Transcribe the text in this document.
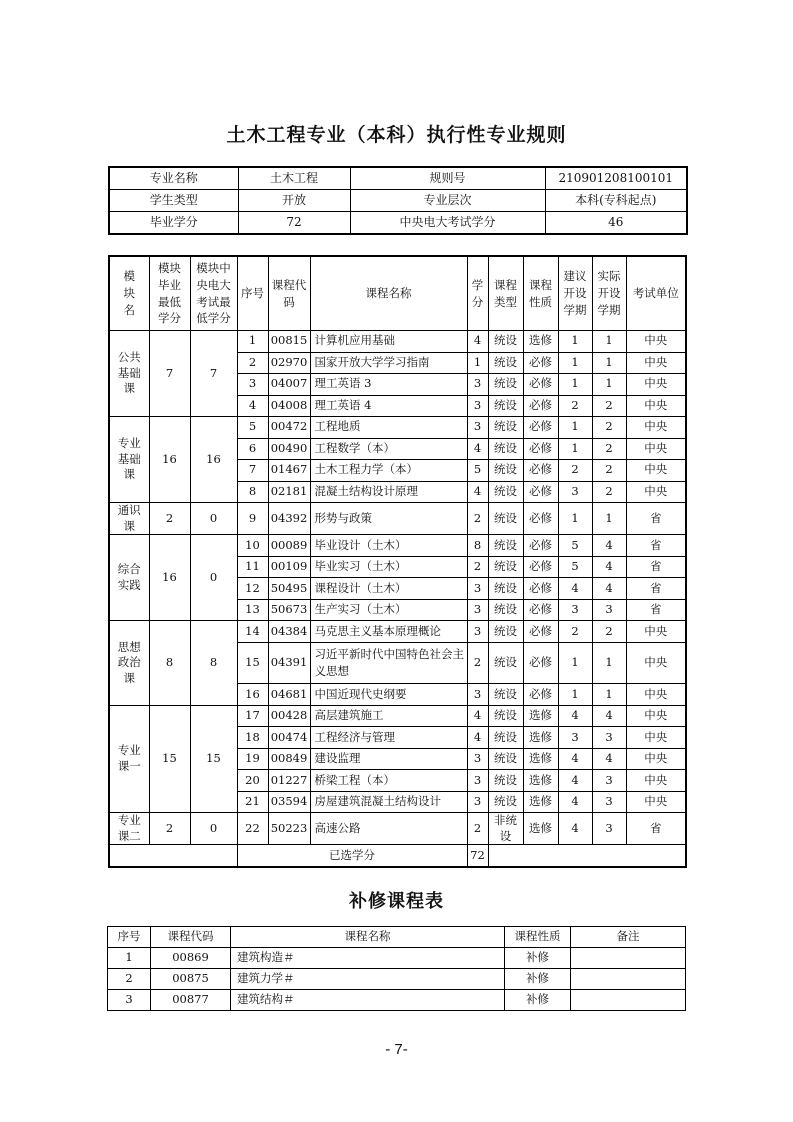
土木工程专业（本科）执行性专业规则
专业名称	土木工程	规则号	210901208100101
学生类型	开放	专业层次	本科(专科起点)
毕业学分	72	中央电大考试学分	46
模块名	模块毕业最低学分	模块中央电大考试最低学分	序号	课程代码	课程名称	学分	课程类型	课程性质	建议开设学期	实际开设学期	考试单位
公共基础课	7	7	1	00815	计算机应用基础	4	统设	选修	1	1	中央
			2	02970	国家开放大学学习指南	1	统设	必修	1	1	中央
			3	04007	理工英语 3	3	统设	必修	1	1	中央
			4	04008	理工英语 4	3	统设	必修	2	2	中央
专业基础课	16	16	5	00472	工程地质	3	统设	必修	1	2	中央
			6	00490	工程数学（本）	4	统设	必修	1	2	中央
			7	01467	土木工程力学（本）	5	统设	必修	2	2	中央
			8	02181	混凝土结构设计原理	4	统设	必修	3	2	中央
通识课	2	0	9	04392	形势与政策	2	统设	必修	1	1	省
综合实践	16	0	10	00089	毕业设计（土木）	8	统设	必修	5	4	省
			11	00109	毕业实习（土木）	2	统设	必修	5	4	省
			12	50495	课程设计（土木）	3	统设	必修	4	4	省
			13	50673	生产实习（土木）	3	统设	必修	3	3	省
思想政治课	8	8	14	04384	马克思主义基本原理概论	3	统设	必修	2	2	中央
			15	04391	习近平新时代中国特色社会主义思想	2	统设	必修	1	1	中央
			16	04681	中国近现代史纲要	3	统设	必修	1	1	中央
专业课一	15	15	17	00428	高层建筑施工	4	统设	选修	4	4	中央
			18	00474	工程经济与管理	4	统设	选修	3	3	中央
			19	00849	建设监理	3	统设	选修	4	4	中央
			20	01227	桥梁工程（本）	3	统设	选修	4	3	中央
			21	03594	房屋建筑混凝土结构设计	3	统设	选修	4	3	中央
专业课二	2	0	22	50223	高速公路	2	非统设	选修	4	3	省
			已选学分			72					
补修课程表
序号	课程代码	课程名称	课程性质	备注
1	00869	建筑构造＃	补修	
2	00875	建筑力学＃	补修	
3	00877	建筑结构＃	补修	
- 7-
